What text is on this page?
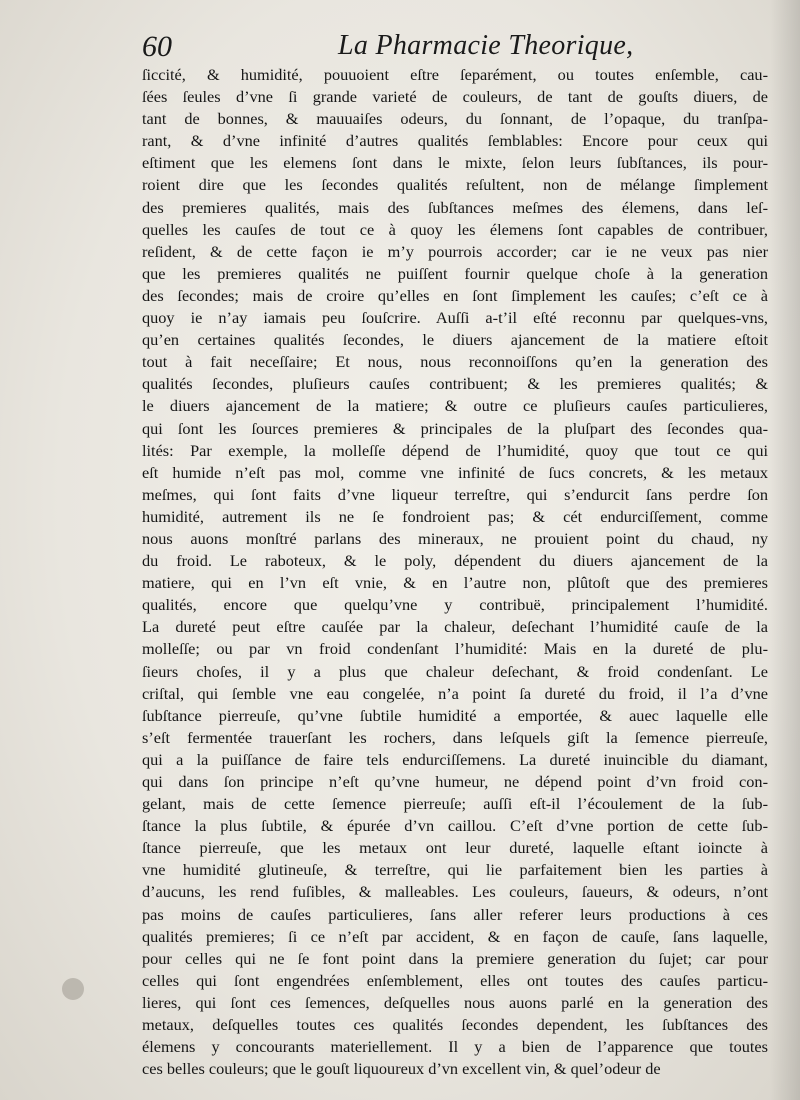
60	La Pharmacie Theorique,
ſiccité, & humidité, pouuoient eſtre ſeparément, ou toutes enſemble, cau-
ſées ſeules d’vne ſi grande varieté de couleurs, de tant de gouſts diuers, de
tant de bonnes, & mauuaiſes odeurs, du ſonnant, de l’opaque, du tranſpa-
rant, & d’vne infinité d’autres qualités ſemblables: Encore pour ceux qui
eſtiment que les elemens ſont dans le mixte, ſelon leurs ſubſtances, ils pour-
roient dire que les ſecondes qualités reſultent, non de mélange ſimplement
des premieres qualités, mais des ſubſtances meſmes des élemens, dans leſ-
quelles les cauſes de tout ce à quoy les élemens ſont capables de contribuer,
reſident, & de cette façon ie m’y pourrois accorder; car ie ne veux pas nier
que les premieres qualités ne puiſſent fournir quelque choſe à la generation
des ſecondes; mais de croire qu’elles en ſont ſimplement les cauſes; c’eſt ce à
quoy ie n’ay iamais peu ſouſcrire. Auſſi a-t’il eſté reconnu par quelques-vns,
qu’en certaines qualités ſecondes, le diuers ajancement de la matiere eſtoit
tout à fait neceſſaire; Et nous, nous reconnoiſſons qu’en la generation des
qualités ſecondes, pluſieurs cauſes contribuent; & les premieres qualités; &
le diuers ajancement de la matiere; & outre ce pluſieurs cauſes particulieres,
qui ſont les ſources premieres & principales de la pluſpart des ſecondes qua-
lités: Par exemple, la molleſſe dépend de l’humidité, quoy que tout ce qui
eſt humide n’eſt pas mol, comme vne infinité de ſucs concrets, & les metaux
meſmes, qui ſont faits d’vne liqueur terreſtre, qui s’endurcit ſans perdre ſon
humidité, autrement ils ne ſe fondroient pas; & cét endurciſſement, comme
nous auons monſtré parlans des mineraux, ne prouient point du chaud, ny
du froid. Le raboteux, & le poly, dépendent du diuers ajancement de la
matiere, qui en l’vn eſt vnie, & en l’autre non, plûtoſt que des premieres
qualités, encore que quelqu’vne y contribuë, principalement l’humidité.
La dureté peut eſtre cauſée par la chaleur, deſechant l’humidité cauſe de la
molleſſe; ou par vn froid condenſant l’humidité: Mais en la dureté de plu-
ſieurs choſes, il y a plus que chaleur deſechant, & froid condenſant. Le
criſtal, qui ſemble vne eau congelée, n’a point ſa dureté du froid, il l’a d’vne
ſubſtance pierreuſe, qu’vne ſubtile humidité a emportée, & auec laquelle elle
s’eſt fermentée trauerſant les rochers, dans leſquels giſt la ſemence pierreuſe,
qui a la puiſſance de faire tels endurciſſemens. La dureté inuincible du diamant,
qui dans ſon principe n’eſt qu’vne humeur, ne dépend point d’vn froid con-
gelant, mais de cette ſemence pierreuſe; auſſi eſt-il l’écoulement de la ſub-
ſtance la plus ſubtile, & épurée d’vn caillou. C’eſt d’vne portion de cette ſub-
ſtance pierreuſe, que les metaux ont leur dureté, laquelle eſtant ioincte à
vne humidité glutineuſe, & terreſtre, qui lie parfaitement bien les parties à
d’aucuns, les rend fuſibles, & malleables. Les couleurs, ſaueurs, & odeurs, n’ont
pas moins de cauſes particulieres, ſans aller referer leurs productions à ces
qualités premieres; ſi ce n’eſt par accident, & en façon de cauſe, ſans laquelle,
pour celles qui ne ſe font point dans la premiere generation du ſujet; car pour
celles qui ſont engendrées enſemblement, elles ont toutes des cauſes particu-
lieres, qui ſont ces ſemences, deſquelles nous auons parlé en la generation des
metaux, deſquelles toutes ces qualités ſecondes dependent, les ſubſtances des
élemens y concourants materiellement. Il y a bien de l’apparence que toutes
ces belles couleurs; que le gouſt liquoureux d’vn excellent vin, & quel’odeur de
